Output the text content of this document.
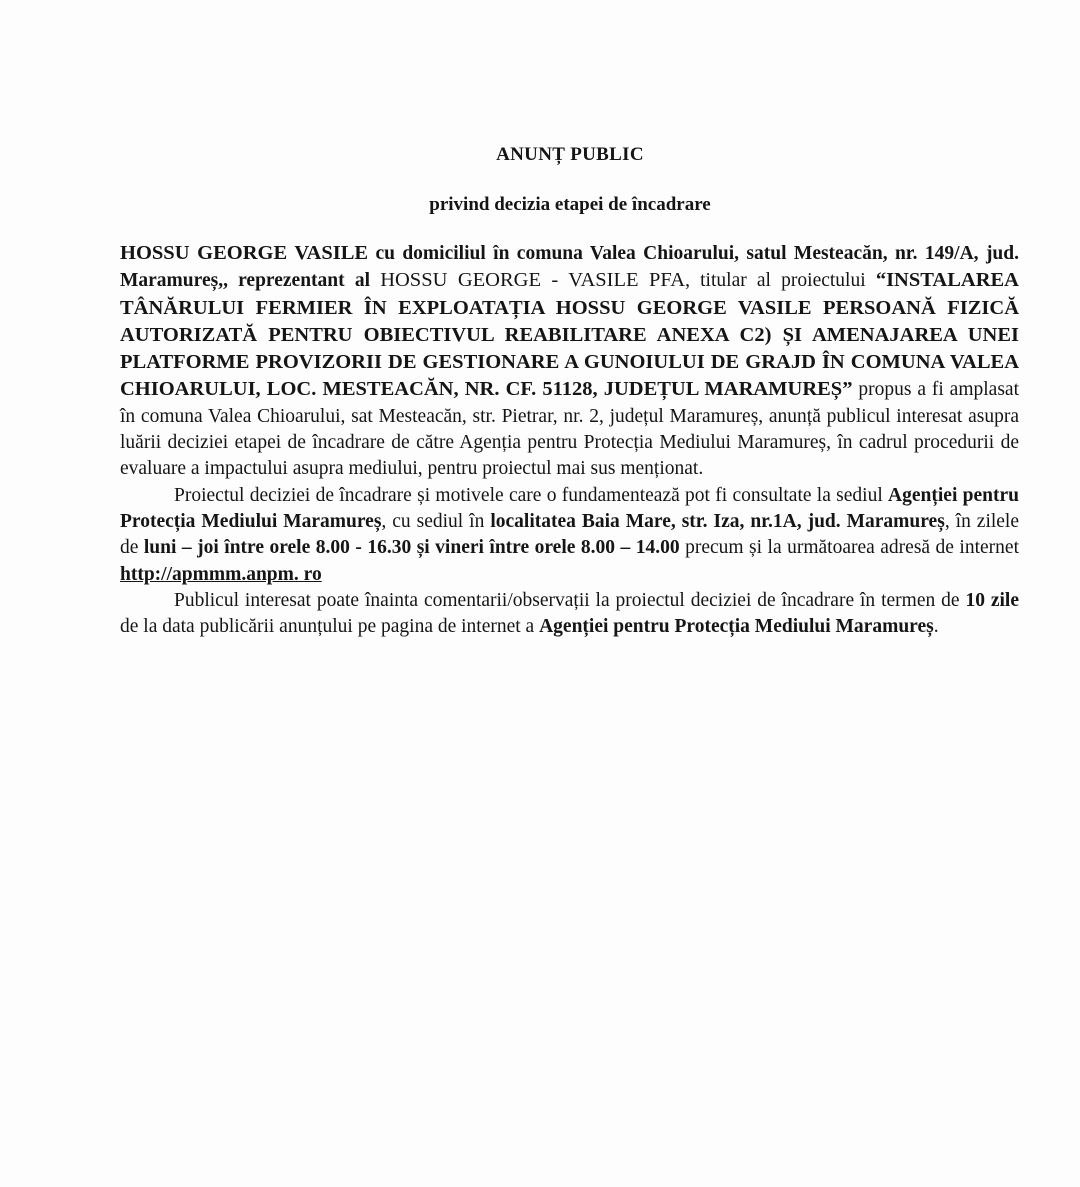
ANUNȚ PUBLIC
privind decizia etapei de încadrare

HOSSU GEORGE VASILE cu domiciliul în comuna Valea Chioarului, satul Mesteacăn, nr. 149/A, jud. Maramureș,, reprezentant al HOSSU GEORGE - VASILE PFA, titular al proiectului “INSTALAREA TÂNĂRULUI FERMIER ÎN EXPLOATAȚIA HOSSU GEORGE VASILE PERSOANĂ FIZICĂ AUTORIZATĂ PENTRU OBIECTIVUL REABILITARE ANEXA C2) ȘI AMENAJAREA UNEI PLATFORME PROVIZORII DE GESTIONARE A GUNOIULUI DE GRAJD ÎN COMUNA VALEA CHIOARULUI, LOC. MESTEACĂN, NR. CF. 51128, JUDEȚUL MARAMUREȘ” propus a fi amplasat în comuna Valea Chioarului, sat Mesteacăn, str. Pietrar, nr. 2, județul Maramureș, anunță publicul interesat asupra luării deciziei etapei de încadrare de către Agenția pentru Protecția Mediului Maramureș, în cadrul procedurii de evaluare a impactului asupra mediului, pentru proiectul mai sus menționat.

Proiectul deciziei de încadrare și motivele care o fundamentează pot fi consultate la sediul Agenției pentru Protecția Mediului Maramureș, cu sediul în localitatea Baia Mare, str. Iza, nr.1A, jud. Maramureș, în zilele de luni – joi între orele 8.00 - 16.30 și vineri între orele 8.00 – 14.00 precum și la următoarea adresă de internet http://apmmm.anpm. ro

Publicul interesat poate înainta comentarii/observații la proiectul deciziei de încadrare în termen de 10 zile de la data publicării anunțului pe pagina de internet a Agenției pentru Protecția Mediului Maramureș.
